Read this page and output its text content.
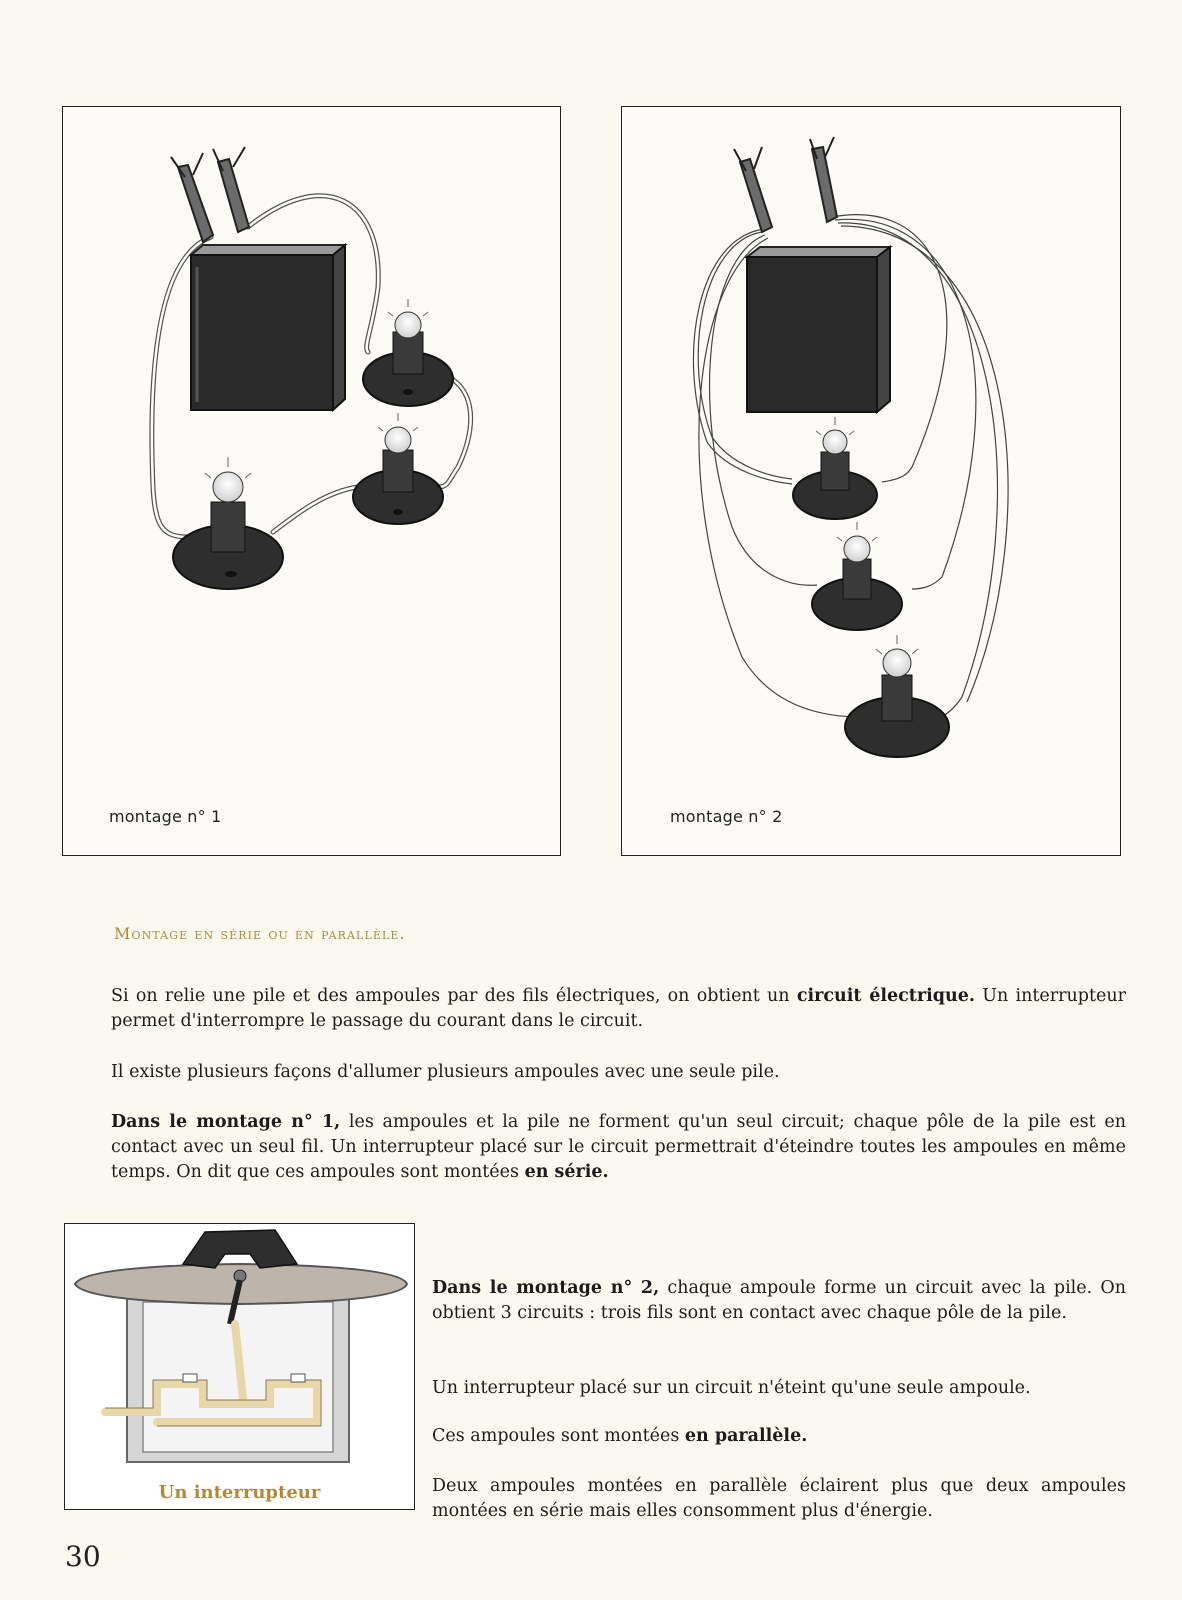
montage n° 1	montage n° 2
Montage en série ou en parallèle.

Si on relie une pile et des ampoules par des fils électriques, on obtient un circuit électrique. Un interrupteur permet d'interrompre le passage du courant dans le circuit.

Il existe plusieurs façons d'allumer plusieurs ampoules avec une seule pile.

Dans le montage n° 1, les ampoules et la pile ne forment qu'un seul circuit; chaque pôle de la pile est en contact avec un seul fil. Un interrupteur placé sur le circuit permettrait d'éteindre toutes les ampoules en même temps. On dit que ces ampoules sont montées en série.

Un interrupteur

Dans le montage n° 2, chaque ampoule forme un circuit avec la pile. On obtient 3 circuits : trois fils sont en contact avec chaque pôle de la pile.

Un interrupteur placé sur un circuit n'éteint qu'une seule ampoule.

Ces ampoules sont montées en parallèle.

Deux ampoules montées en parallèle éclairent plus que deux ampoules montées en série mais elles consomment plus d'énergie.

30
